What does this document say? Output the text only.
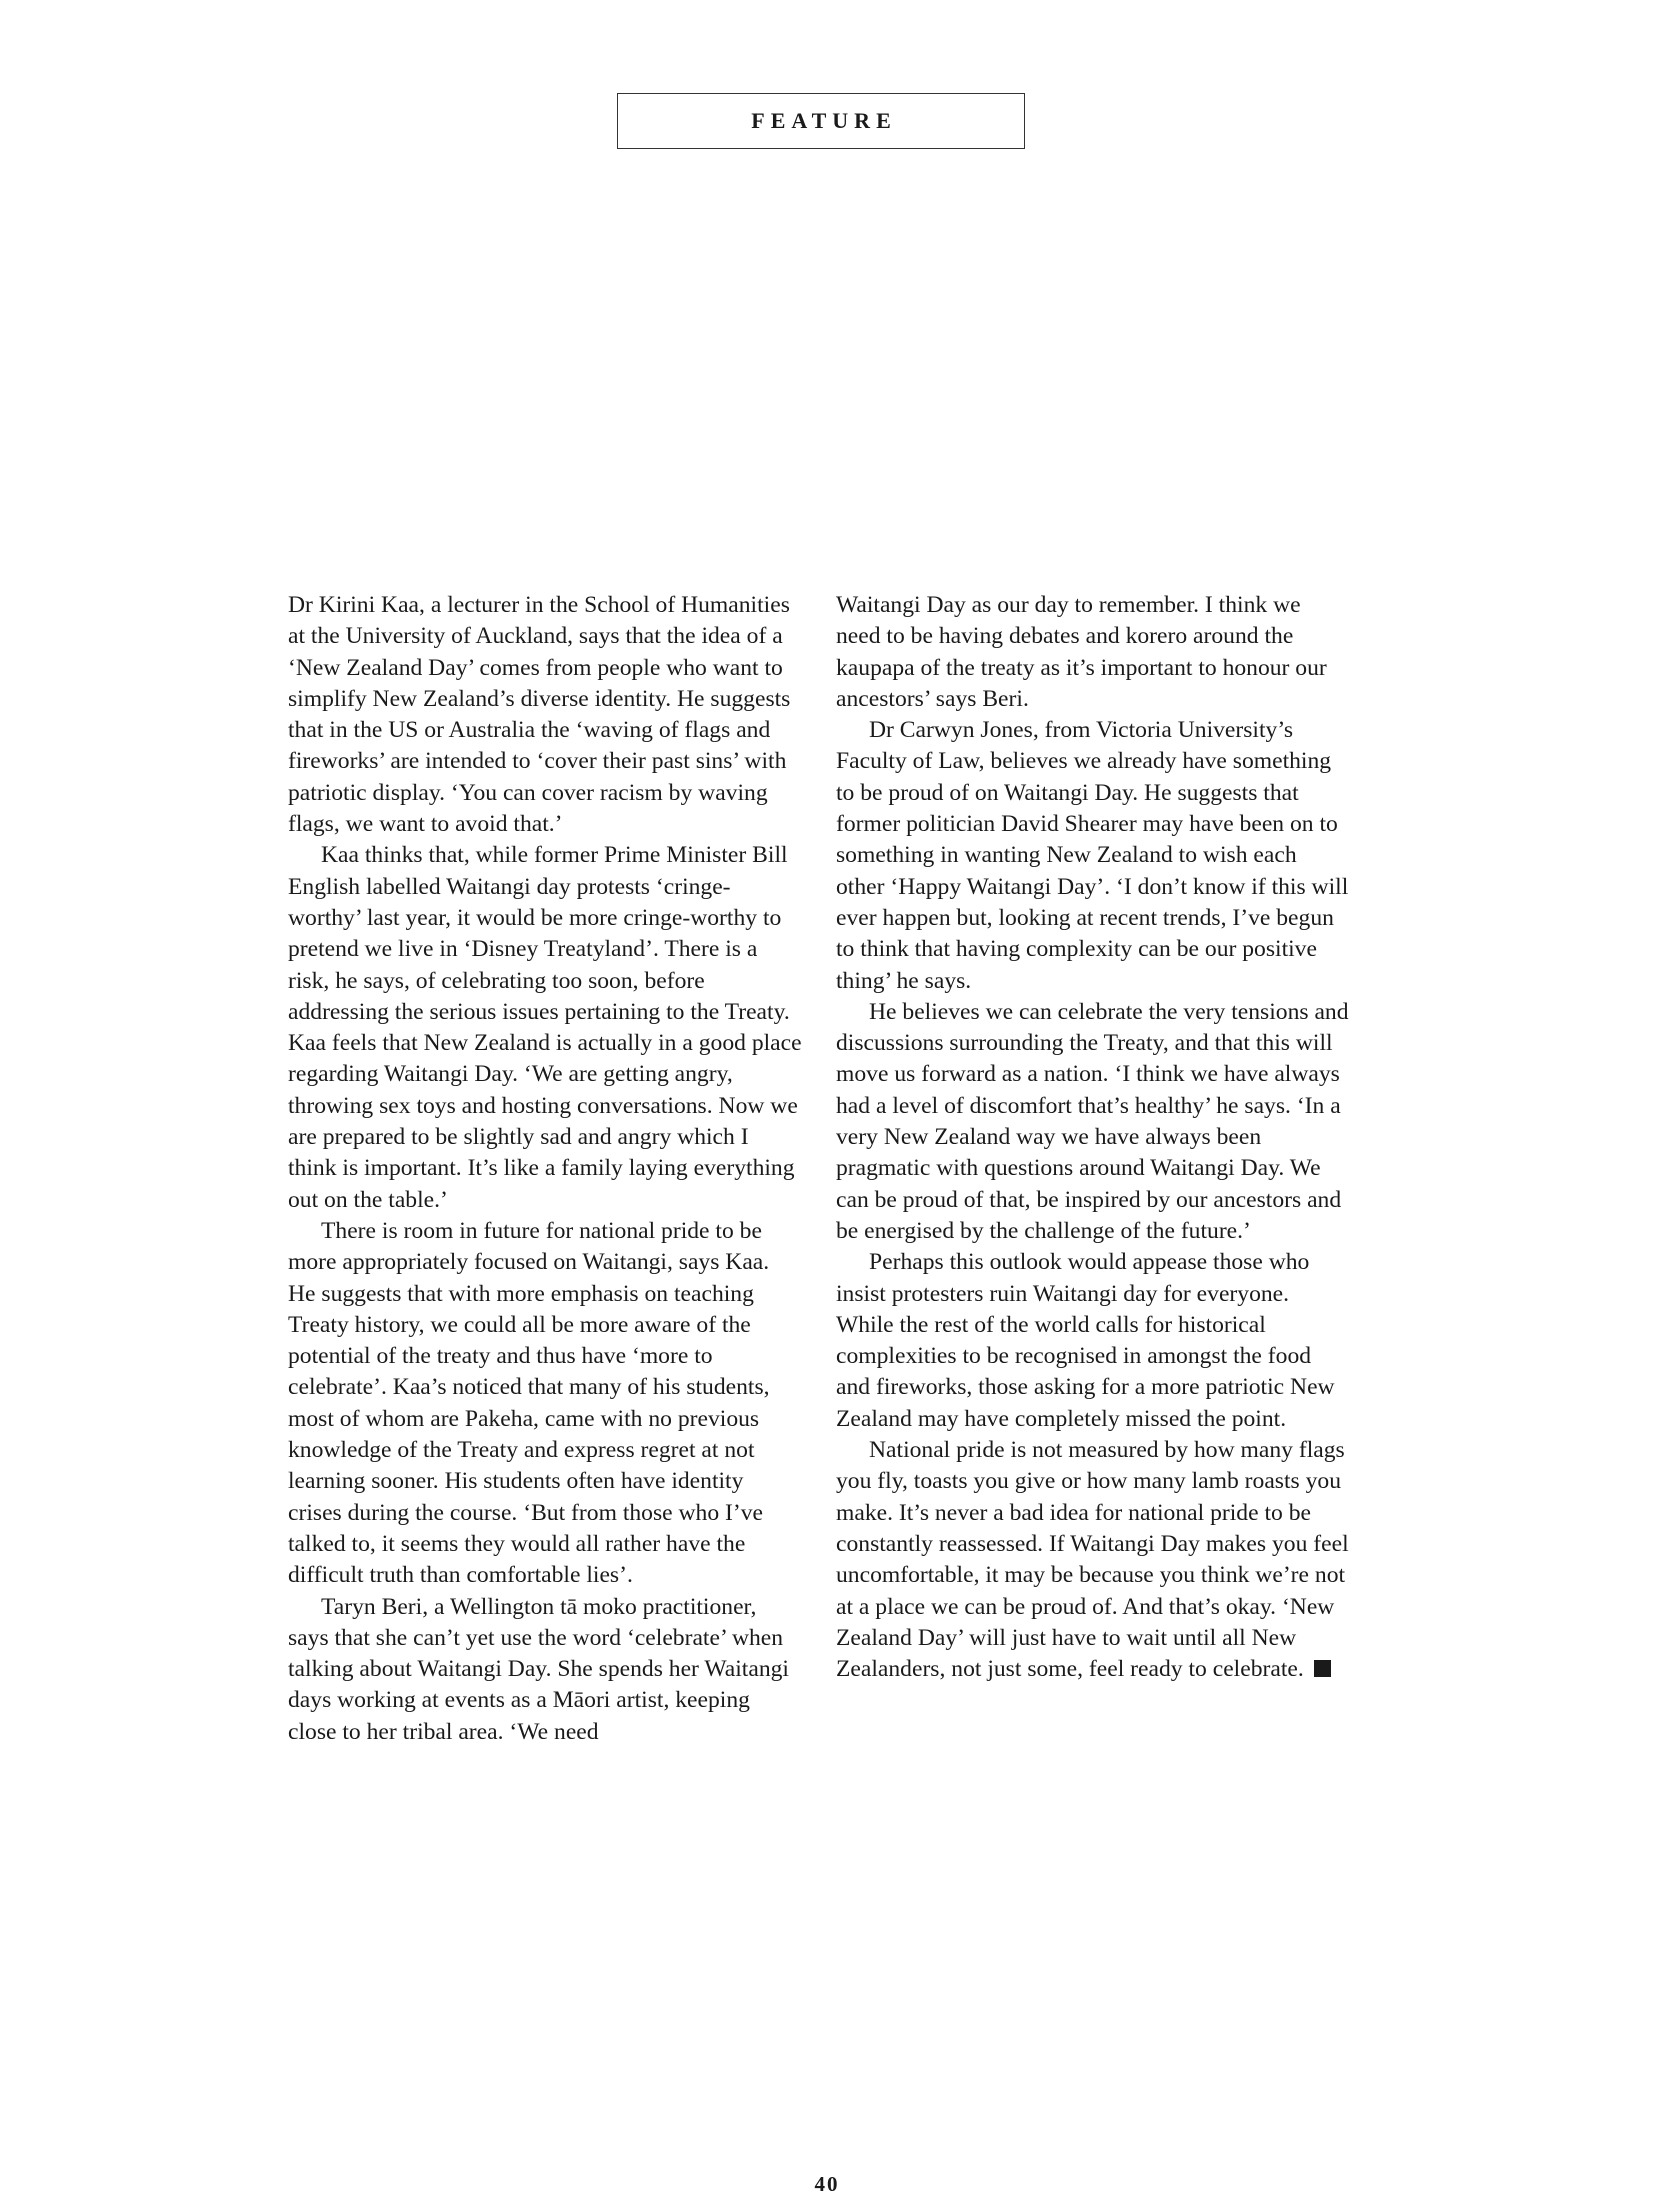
FEATURE

Dr Kirini Kaa, a lecturer in the School of Humanities at the University of Auckland, says that the idea of a ‘New Zealand Day’ comes from people who want to simplify New Zealand’s diverse identity. He suggests that in the US or Australia the ‘waving of flags and fireworks’ are intended to ‘cover their past sins’ with patriotic display. ‘You can cover racism by waving flags, we want to avoid that.’

Kaa thinks that, while former Prime Minister Bill English labelled Waitangi day protests ‘cringe-worthy’ last year, it would be more cringe-worthy to pretend we live in ‘Disney Treatyland’. There is a risk, he says, of celebrating too soon, before addressing the serious issues pertaining to the Treaty. Kaa feels that New Zealand is actually in a good place regarding Waitangi Day. ‘We are getting angry, throwing sex toys and hosting conversations. Now we are prepared to be slightly sad and angry which I think is important. It’s like a family laying everything out on the table.’

There is room in future for national pride to be more appropriately focused on Waitangi, says Kaa. He suggests that with more emphasis on teaching Treaty history, we could all be more aware of the potential of the treaty and thus have ‘more to celebrate’. Kaa’s noticed that many of his students, most of whom are Pakeha, came with no previous knowledge of the Treaty and express regret at not learning sooner. His students often have identity crises during the course. ‘But from those who I’ve talked to, it seems they would all rather have the difficult truth than comfortable lies’.

Taryn Beri, a Wellington tā moko practitioner, says that she can’t yet use the word ‘celebrate’ when talking about Waitangi Day. She spends her Waitangi days working at events as a Māori artist, keeping close to her tribal area. ‘We need

Waitangi Day as our day to remember. I think we need to be having debates and korero around the kaupapa of the treaty as it’s important to honour our ancestors’ says Beri.

Dr Carwyn Jones, from Victoria University’s Faculty of Law, believes we already have something to be proud of on Waitangi Day. He suggests that former politician David Shearer may have been on to something in wanting New Zealand to wish each other ‘Happy Waitangi Day’. ‘I don’t know if this will ever happen but, looking at recent trends, I’ve begun to think that having complexity can be our positive thing’ he says.

He believes we can celebrate the very tensions and discussions surrounding the Treaty, and that this will move us forward as a nation. ‘I think we have always had a level of discomfort that’s healthy’ he says. ‘In a very New Zealand way we have always been pragmatic with questions around Waitangi Day. We can be proud of that, be inspired by our ancestors and be energised by the challenge of the future.’

Perhaps this outlook would appease those who insist protesters ruin Waitangi day for everyone. While the rest of the world calls for historical complexities to be recognised in amongst the food and fireworks, those asking for a more patriotic New Zealand may have completely missed the point.

National pride is not measured by how many flags you fly, toasts you give or how many lamb roasts you make. It’s never a bad idea for national pride to be constantly reassessed. If Waitangi Day makes you feel uncomfortable, it may be because you think we’re not at a place we can be proud of. And that’s okay. ‘New Zealand Day’ will just have to wait until all New Zealanders, not just some, feel ready to celebrate.

40
